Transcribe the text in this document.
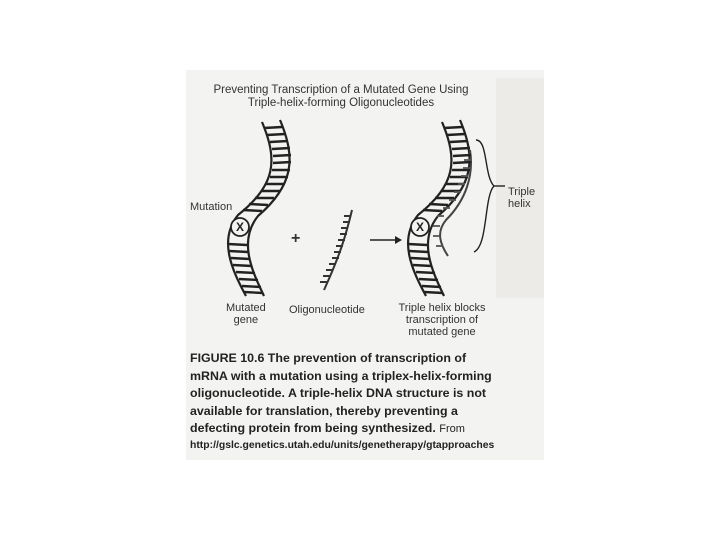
Preventing Transcription of a Mutated Gene Using
Triple-helix-forming Oligonucleotides
X	X
Mutation
+
Triple
helix
Mutated
gene
Oligonucleotide	Triple helix blocks
transcription of
mutated gene
FIGURE 10.6 The prevention of transcription of
mRNA with a mutation using a triplex-helix-forming
oligonucleotide. A triple-helix DNA structure is not
available for translation, thereby preventing a
defecting protein from being synthesized. From
http://gslc.genetics.utah.edu/units/genetherapy/gtapproaches
